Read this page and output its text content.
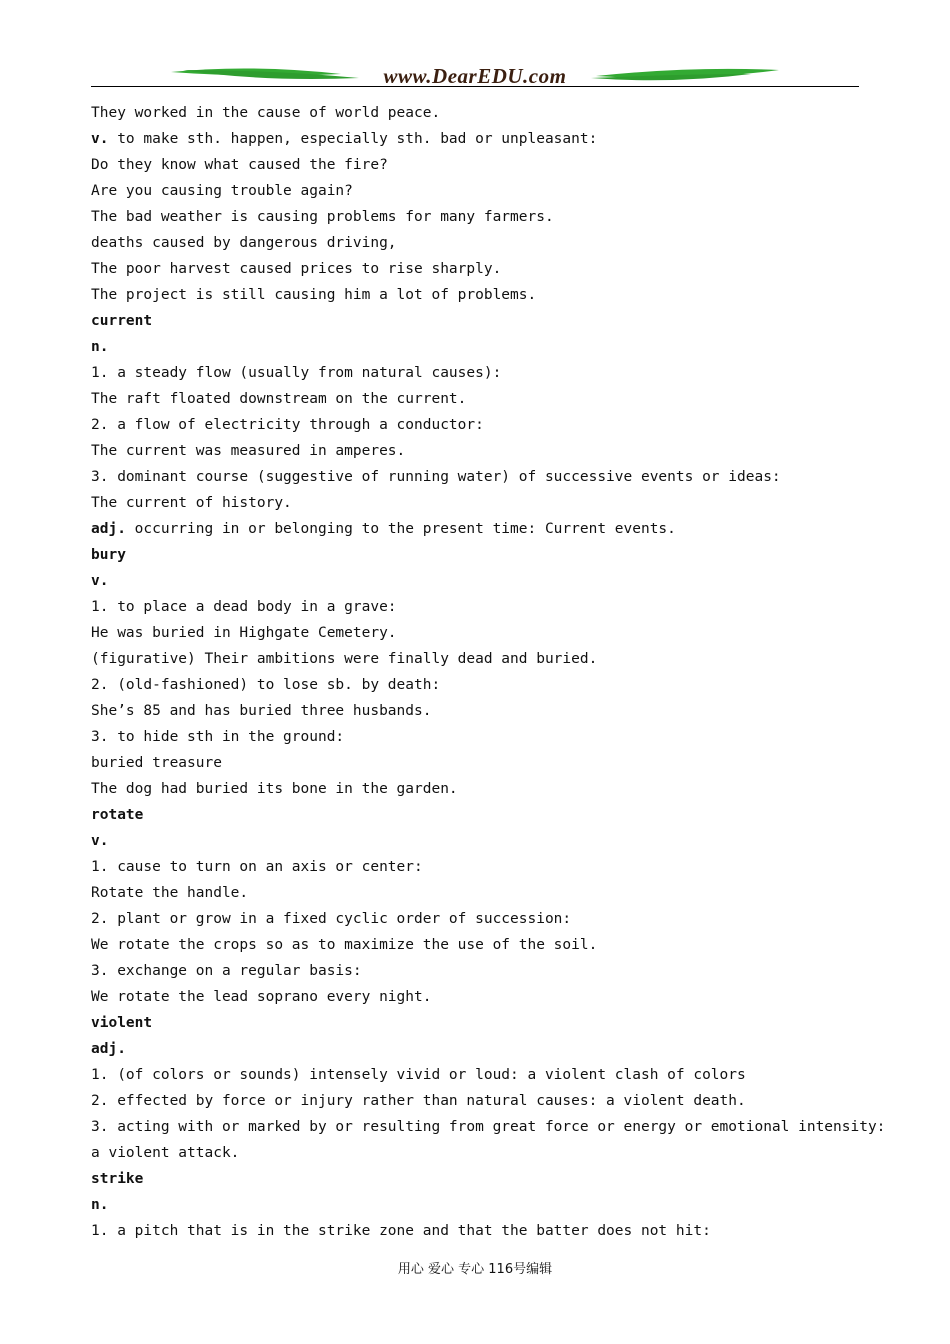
www.DearEDU.com
They worked in the cause of world peace.
v. to make sth. happen, especially sth. bad or unpleasant:
Do they know what caused the fire?
Are you causing trouble again?
The bad weather is causing problems for many farmers.
deaths caused by dangerous driving,
The poor harvest caused prices to rise sharply.
The project is still causing him a lot of problems.
current
n.
1. a steady flow (usually from natural causes):
The raft floated downstream on the current.
2. a flow of electricity through a conductor:
The current was measured in amperes.
3. dominant course (suggestive of running water) of successive events or ideas:
The current of history.
adj. occurring in or belonging to the present time: Current events.
bury
v.
1. to place a dead body in a grave:
He was buried in Highgate Cemetery.
(figurative) Their ambitions were finally dead and buried.
2. (old-fashioned) to lose sb. by death:
She’s 85 and has buried three husbands.
3. to hide sth in the ground:
buried treasure
The dog had buried its bone in the garden.
rotate
v.
1. cause to turn on an axis or center:
Rotate the handle.
2. plant or grow in a fixed cyclic order of succession:
We rotate the crops so as to maximize the use of the soil.
3. exchange on a regular basis:
We rotate the lead soprano every night.
violent
adj.
1. (of colors or sounds) intensely vivid or loud: a violent clash of colors
2. effected by force or injury rather than natural causes: a violent death.
3. acting with or marked by or resulting from great force or energy or emotional intensity:
a violent attack.
strike
n.
1. a pitch that is in the strike zone and that the batter does not hit:
用心 爱心 专心 116号编辑
